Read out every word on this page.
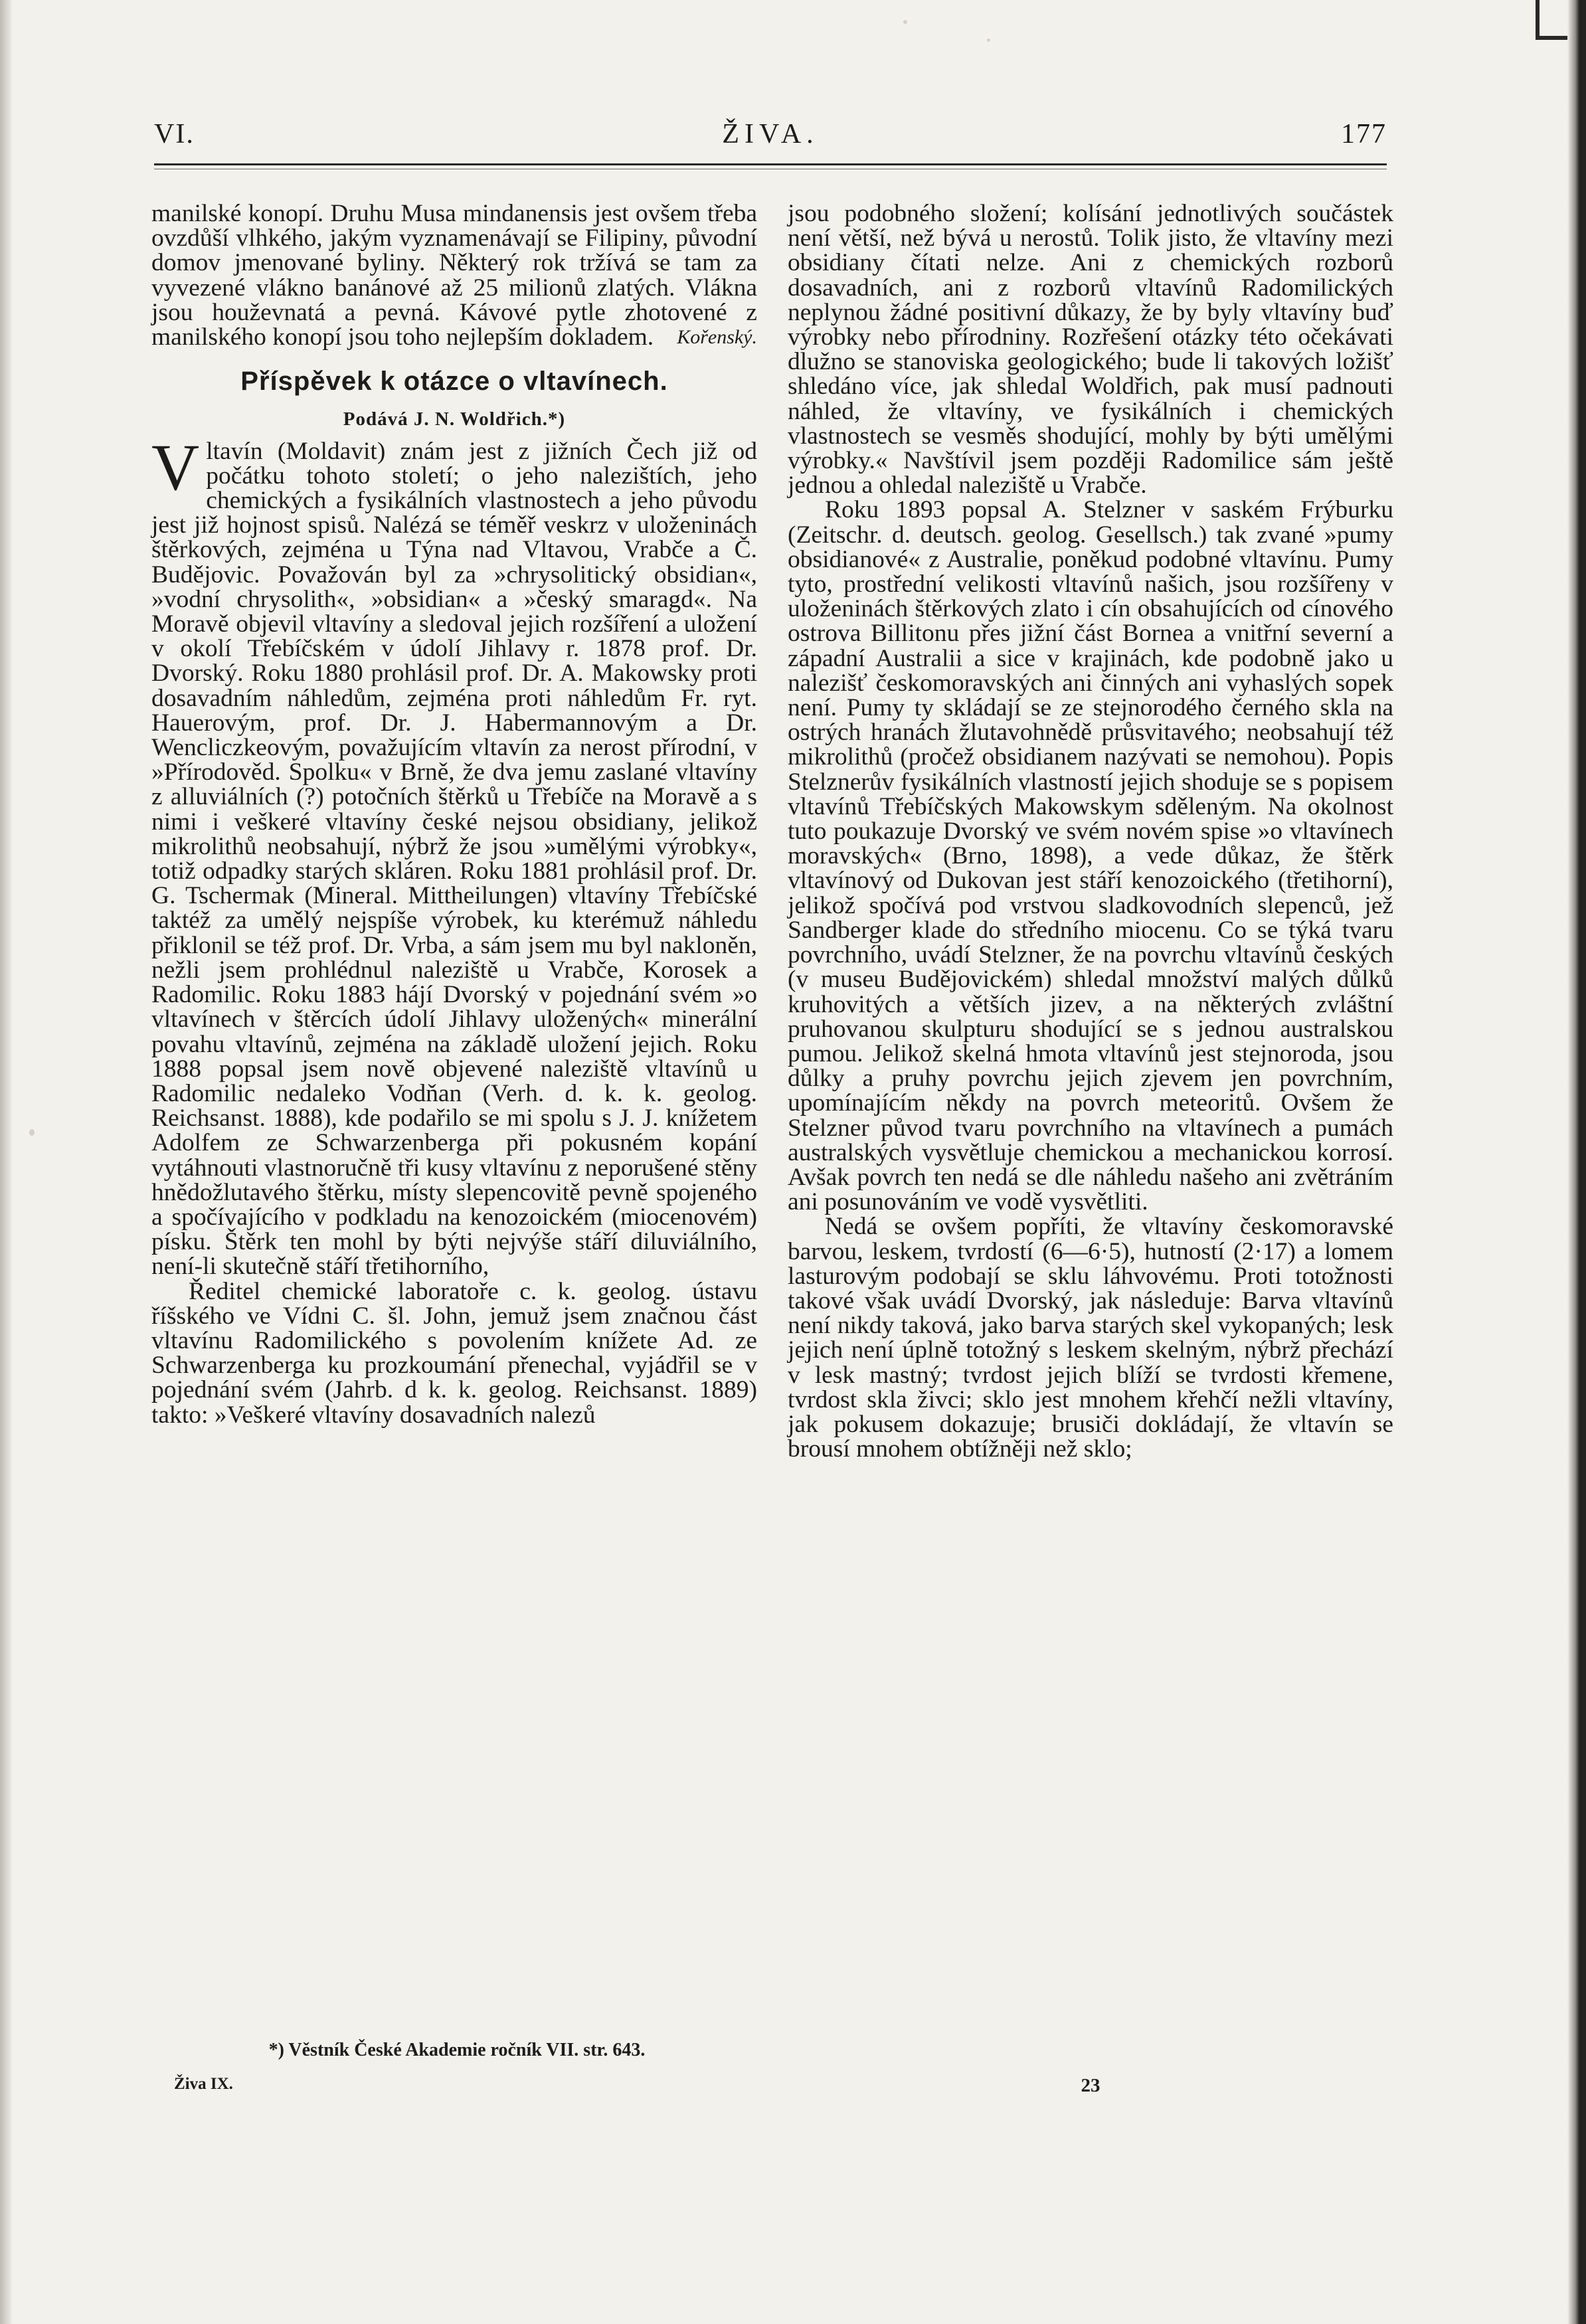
VI.	ŽIVA.	177

manilské konopí. Druhu Musa mindanensis jest ovšem třeba ovzdůší vlhkého, jakým vyznamenávají se Filipiny, původní domov jmenované byliny. Některý rok tržívá se tam za vyvezené vlákno banánové až 25 milionů zlatých. Vlákna jsou houževnatá a pevná. Kávové pytle zhotovené z manilského konopí jsou toho nejlepším dokladem. Kořenský.

Příspěvek k otázce o vltavínech.
Podává J. N. Woldřich.*)

Vltavín (Moldavit) znám jest z jižních Čech již od počátku tohoto století; o jeho nalezištích, jeho chemických a fysikálních vlastnostech a jeho původu jest již hojnost spisů. Nalézá se téměř veskrz v uloženinách štěrkových, zejména u Týna nad Vltavou, Vrabče a Č. Budějovic. Považován byl za »chrysolitický obsidian«, »vodní chrysolith«, »obsidian« a »český smaragd«. Na Moravě objevil vltavíny a sledoval jejich rozšíření a uložení v okolí Třebíčském v údolí Jihlavy r. 1878 prof. Dr. Dvorský. Roku 1880 prohlásil prof. Dr. A. Makowsky proti dosavadním náhledům, zejména proti náhledům Fr. ryt. Hauerovým, prof. Dr. J. Habermannovým a Dr. Wencliczkeovým, považujícím vltavín za nerost přírodní, v »Přírodověd. Spolku« v Brně, že dva jemu zaslané vltavíny z alluviálních (?) potočních štěrků u Třebíče na Moravě a s nimi i veškeré vltavíny české nejsou obsidiany, jelikož mikrolithů neobsahují, nýbrž že jsou »umělými výrobky«, totiž odpadky starých skláren. Roku 1881 prohlásil prof. Dr. G. Tschermak (Mineral. Mittheilungen) vltavíny Třebíčské taktéž za umělý nejspíše výrobek, ku kterémuž náhledu přiklonil se též prof. Dr. Vrba, a sám jsem mu byl nakloněn, nežli jsem prohlédnul naleziště u Vrabče, Korosek a Radomilic. Roku 1883 hájí Dvorský v pojednání svém »o vltavínech v štěrcích údolí Jihlavy uložených« minerální povahu vltavínů, zejména na základě uložení jejich. Roku 1888 popsal jsem nově objevené naleziště vltavínů u Radomilic nedaleko Vodňan (Verh. d. k. k. geolog. Reichsanst. 1888), kde podařilo se mi spolu s J. J. knížetem Adolfem ze Schwarzenberga při pokusném kopání vytáhnouti vlastnoručně tři kusy vltavínu z neporušené stěny hnědožlutavého štěrku, místy slepencovitě pevně spojeného a spočívajícího v podkladu na kenozoickém (miocenovém) písku. Štěrk ten mohl by býti nejvýše stáří diluviálního, není-li skutečně stáří třetihorního,

Ředitel chemické laboratoře c. k. geolog. ústavu říšského ve Vídni C. šl. John, jemuž jsem značnou část vltavínu Radomilického s povolením knížete Ad. ze Schwarzenberga ku prozkoumání přenechal, vyjádřil se v pojednání svém (Jahrb. d k. k. geolog. Reichsanst. 1889) takto: »Veškeré vltavíny dosavadních nalezů

jsou podobného složení; kolísání jednotlivých součástek není větší, než bývá u nerostů. Tolik jisto, že vltavíny mezi obsidiany čítati nelze. Ani z chemických rozborů dosavadních, ani z rozborů vltavínů Radomilických neplynou žádné positivní důkazy, že by byly vltavíny buď výrobky nebo přírodniny. Rozřešení otázky této očekávati dlužno se stanoviska geologického; bude li takových ložišť shledáno více, jak shledal Woldřich, pak musí padnouti náhled, že vltavíny, ve fysikálních i chemických vlastnostech se vesměs shodující, mohly by býti umělými výrobky.« Navštívil jsem později Radomilice sám ještě jednou a ohledal naleziště u Vrabče.

Roku 1893 popsal A. Stelzner v saském Frýburku (Zeitschr. d. deutsch. geolog. Gesellsch.) tak zvané »pumy obsidianové« z Australie, poněkud podobné vltavínu. Pumy tyto, prostřední velikosti vltavínů našich, jsou rozšířeny v uloženinách štěrkových zlato i cín obsahujících od cínového ostrova Billitonu přes jižní část Bornea a vnitřní severní a západní Australii a sice v krajinách, kde podobně jako u nalezišť českomoravských ani činných ani vyhaslých sopek není. Pumy ty skládají se ze stejnorodého černého skla na ostrých hranách žlutavohnědě průsvitavého; neobsahují též mikrolithů (pročež obsidianem nazývati se nemohou). Popis Stelznerův fysikálních vlastností jejich shoduje se s popisem vltavínů Třebíčských Makowskym sděleným. Na okolnost tuto poukazuje Dvorský ve svém novém spise »o vltavínech moravských« (Brno, 1898), a vede důkaz, že štěrk vltavínový od Dukovan jest stáří kenozoického (třetihorní), jelikož spočívá pod vrstvou sladkovodních slepenců, jež Sandberger klade do středního miocenu. Co se týká tvaru povrchního, uvádí Stelzner, že na povrchu vltavínů českých (v museu Budějovickém) shledal množství malých důlků kruhovitých a větších jizev, a na některých zvláštní pruhovanou skulpturu shodující se s jednou australskou pumou. Jelikož skelná hmota vltavínů jest stejnoroda, jsou důlky a pruhy povrchu jejich zjevem jen povrchním, upomínajícím někdy na povrch meteoritů. Ovšem že Stelzner původ tvaru povrchního na vltavínech a pumách australských vysvětluje chemickou a mechanickou korrosí. Avšak povrch ten nedá se dle náhledu našeho ani zvětráním ani posunováním ve vodě vysvětliti.

Nedá se ovšem popříti, že vltavíny českomoravské barvou, leskem, tvrdostí (6—6·5), hutností (2·17) a lomem lasturovým podobají se sklu láhvovému. Proti totožnosti takové však uvádí Dvorský, jak následuje: Barva vltavínů není nikdy taková, jako barva starých skel vykopaných; lesk jejich není úplně totožný s leskem skelným, nýbrž přechází v lesk mastný; tvrdost jejich blíží se tvrdosti křemene, tvrdost skla živci; sklo jest mnohem křehčí nežli vltavíny, jak pokusem dokazuje; brusiči dokládají, že vltavín se brousí mnohem obtížněji než sklo;

*) Věstník České Akademie ročník VII. str. 643.
Živa IX.	23
